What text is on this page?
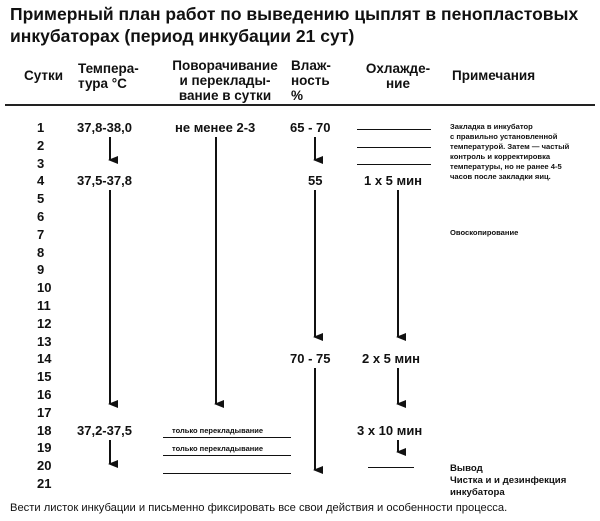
Примерный план работ по выведению цыплят в пенопластовых инкубаторах (период инкубации 21 сут)
Сутки Темпера-
тура °С
Поворачивание
и переклады-
вание в сутки
Влаж-
ность
%
Охлажде-
ние
Примечания
1
2
3
4
5
6
7
8
9
10
11
12
13
14
15
16
17
18
19
20
21
37,8-38,0
37,5-37,8
37,2-37,5
не менее 2-3
только перекладывание
только перекладывание
65 - 70
55
70 - 75
1 х 5 мин
2 х 5 мин
3 х 10 мин
Закладка в инкубатор
с правильно установленной
температурой. Затем — частый
контроль и корректировка
температуры, но не ранее 4-5
часов после закладки яиц.
Овоскопирование
Вывод
Чистка и и дезинфекция
инкубатора
Вести листок инкубации и письменно фиксировать все свои действия и особенности процесса.
